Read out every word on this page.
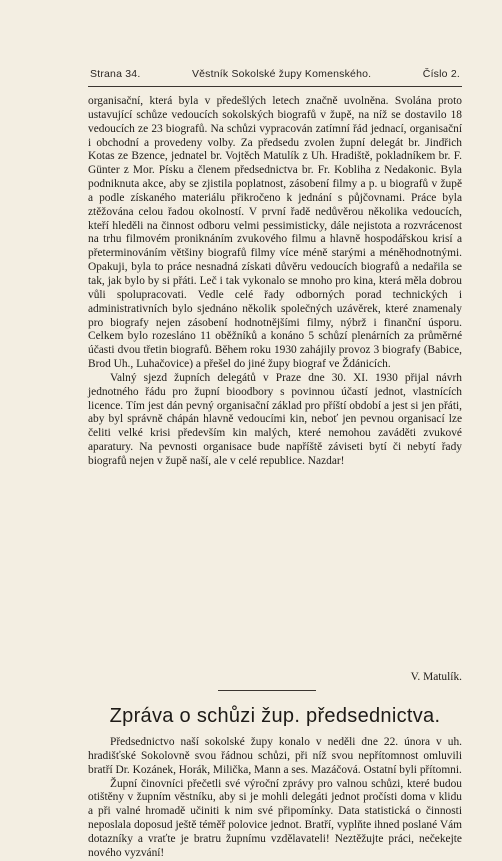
Strana 34.	Věstník Sokolské župy Komenského.	Číslo 2.

organisační, která byla v předešlých letech značně uvolněna. Svolána proto ustavující schůze vedoucích sokolských biografů v župě, na níž se dostavilo 18 vedoucích ze 23 biografů. Na schůzi vypracován zatímní řád jednací, organisační i obchodní a provedeny volby. Za předsedu zvolen župní delegát br. Jindřich Kotas ze Bzence, jednatel br. Vojtěch Matulík z Uh. Hradiště, pokladníkem br. F. Günter z Mor. Písku a členem předsednictva br. Fr. Kobliha z Nedakonic. Byla podniknuta akce, aby se zjistila poplatnost, zásobení filmy a p. u biografů v župě a podle získaného materiálu přikročeno k jednání s půjčovnami. Práce byla ztěžována celou řadou okolností. V první řadě nedůvěrou několika vedoucích, kteří hleděli na činnost odboru velmi pessimisticky, dále nejistota a rozvrácenost na trhu filmovém proniknáním zvukového filmu a hlavně hospodářskou krisí a přeterminováním většiny biografů filmy více méně starými a méněhodnotnými. Opakuji, byla to práce nesnadná získati důvěru vedoucích biografů a nedařila se tak, jak bylo by si přáti. Leč i tak vykonalo se mnoho pro kina, která měla dobrou vůli spolupracovati. Vedle celé řady odborných porad technických i administrativních bylo sjednáno několik společných uzávěrek, které znamenaly pro biografy nejen zásobení hodnotnějšími filmy, nýbrž i finanční úsporu. Celkem bylo rozesláno 11 oběžníků a konáno 5 schůzí plenárních za průměrné účasti dvou třetin biografů. Během roku 1930 zahájily provoz 3 biografy (Babice, Brod Uh., Luhačovice) a přešel do jiné župy biograf ve Ždánicích.

Valný sjezd župních delegátů v Praze dne 30. XI. 1930 přijal návrh jednotného řádu pro župní bioodbory s povinnou účastí jednot, vlastnících licence. Tím jest dán pevný organisační základ pro příští období a jest si jen přáti, aby byl správně chápán hlavně vedoucími kin, neboť jen pevnou organisací lze čeliti velké krisi především kin malých, které nemohou zaváděti zvukové aparatury. Na pevnosti organisace bude napříště záviseti bytí či nebytí řady biografů nejen v župě naší, ale v celé republice. Nazdar!

V. Matulík.
Zpráva o schůzi žup. předsednictva.

Předsednictvo naší sokolské župy konalo v neděli dne 22. února v uh. hradišťské Sokolovně svou řádnou schůzi, při níž svou nepřítomnost omluvili bratří Dr. Kozánek, Horák, Milička, Mann a ses. Mazáčová. Ostatní byli přítomni.

Župní činovníci přečetli své výroční zprávy pro valnou schůzi, které budou otištěny v župním věstníku, aby si je mohli delegáti jednot pročísti doma v klidu a při valné hromadě učiniti k nim své připomínky. Data statistická o činnosti neposlala doposud ještě téměř polovice jednot. Bratří, vyplňte ihned poslané Vám dotazníky a vraťte je bratru župnímu vzdělavateli! Neztěžujte práci, nečekejte nového vyzvání!
